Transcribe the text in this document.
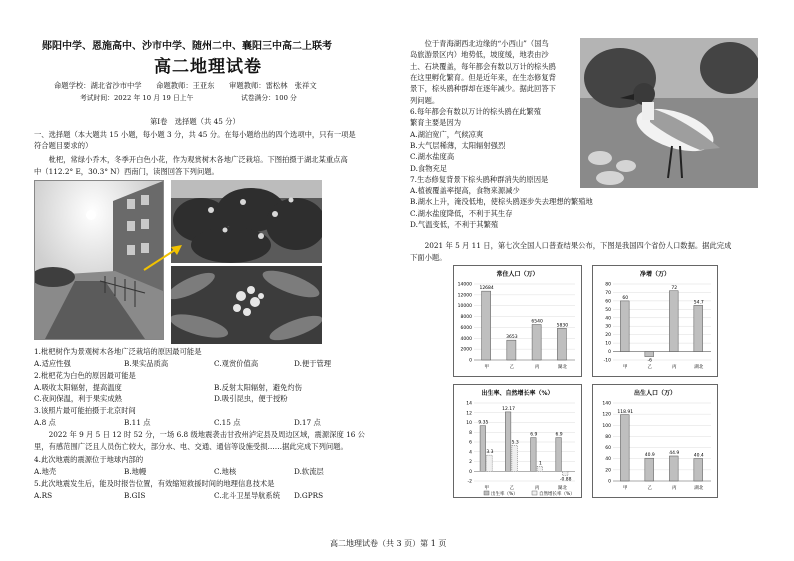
郧阳中学、恩施高中、沙市中学、随州二中、襄阳三中高二上联考
高二地理试卷
命题学校：湖北省沙市中学　　命题教师：王亚东　　审题教师：雷松林　张祥文
考试时间：2022 年 10 月 19 日上午　　　　　　　试卷满分：100 分
第Ⅰ卷　选择题（共 45 分）
一、选择题（本大题共 15 小题，每小题 3 分，共 45 分。在每小题给出的四个选项中，只有一项是
符合题目要求的）
　　枇杷，常绿小乔木，冬季开白色小花，作为观赏树木各地广泛栽培。下图拍摄于湖北某重点高
中（112.2° E，30.3° N）西南门，读图回答下列问题。
1.枇杷树作为景观树木各地广泛栽培的原因最可能是
A.适应性强	B.果实品质高	C.观赏价值高	D.便于管理
2.枇杷花为白色的原因最可能是
A.吸收太阳辐射，提高温度	B.反射太阳辐射，避免灼伤
C.夜间保温，利于果实成熟	D.吸引昆虫，便于授粉
3.该照片最可能拍摄于北京时间
A.8 点	B.11 点	C.15 点	D.17 点
　　2022 年 9 月 5 日 12 时 52 分，一场 6.8 级地震袭击甘孜州泸定县及周边区域，震源深度 16 公
里，有感范围广泛且人员伤亡较大，部分水、电、交通、通信等设施受损……据此完成下列问题。
4.此次地震的震源位于地球内部的
A.地壳	B.地幔	C.地核	D.软流层
5.此次地震发生后，能及时报告位置，有效缩短救援时间的地理信息技术是
A.RS	B.GIS	C.北斗卫星导航系统 D.GPRS
　　位于青海湖西北边缘的“小西山”（国鸟
岛旅游景区内）地势低，坡度缓，地表由沙
土、石块覆盖，每年都会有数以万计的棕头鸥
在这里孵化繁育。但是近年来，在生态修复背
景下，棕头鸥种群却在逐年减少。据此回答下
列问题。
6.每年都会有数以万计的棕头鸥在此繁殖
繁育主要是因为
A.湖泊宽广，气候凉爽
B.大气层稀薄，太阳辐射强烈
C.湖水盐度高
D.食物充足
7.生态修复背景下棕头鸥种群消失的原因是
A.植被覆盖率提高，食物来源减少
B.湖水上升，淹没低地，使棕头鸥逐步失去理想的繁殖地
C.湖水盐度降低，不利于其生存
D.气温变低，不利于其繁殖
　　2021 年 5 月 11 日，第七次全国人口普查结果公布，下图是我国四个省份人口数据。据此完成
下面小题。
常住人口（万）
0
2000
4000
6000
8000
10000
12000
14000
12684
甲
3653
乙
6540
丙
5830
湖北
净增（万）
-10
0
10
20
30
40
50
60
70
80
60
甲
-6
乙
72
丙
54.7
湖北
出生率、自然增长率（%）
-2
0
2
4
6
8
10
12
14
9.35
3.3
甲
12.17
5.3
乙
6.9
1
丙
6.9
-0.88
湖北
出生率（%）	自然增长率（%）
出生人口（万）
0
20
40
60
80
100
120
140
118.91
甲
40.9
乙
44.9
丙
40.4
湖北
高二地理试卷（共 3 页）第 1 页
